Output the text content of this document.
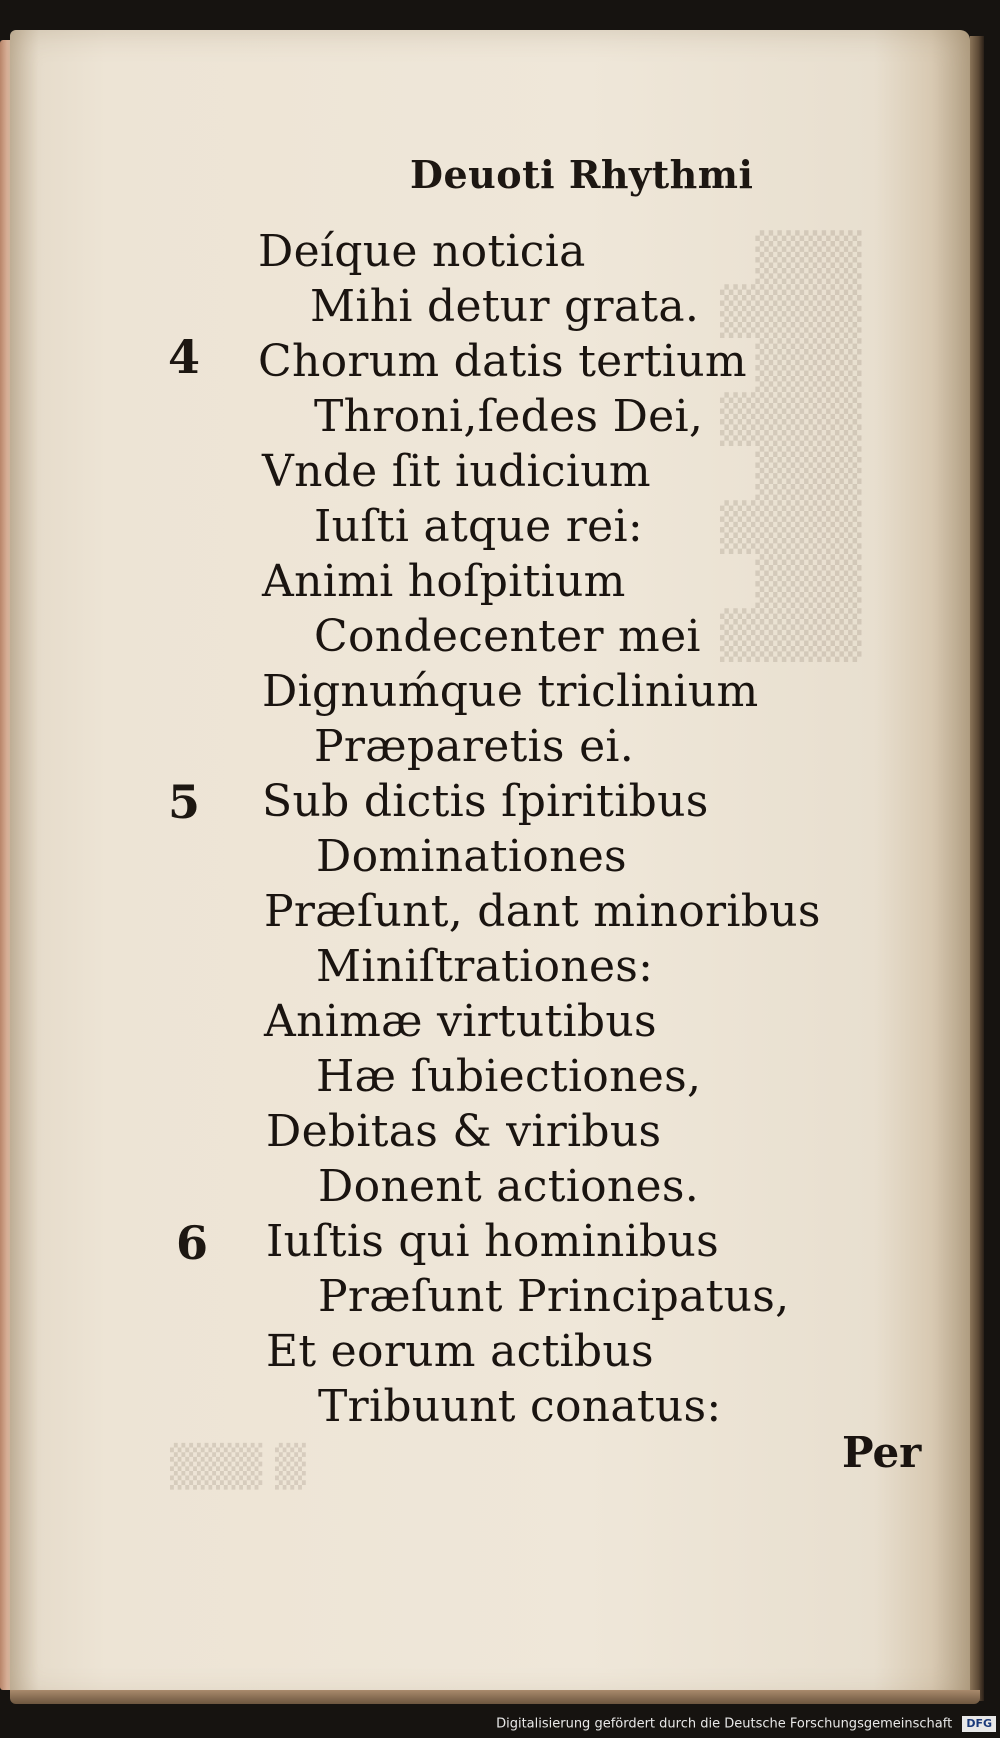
▒▒▒
▒▒▒▒
▒▒▒
▒▒▒▒
▒▒▒
▒▒▒▒
▒▒▒
▒▒▒▒
▒ ▒▒▒
Deuoti Rhythmi
4
5
6
Deíque noticia
Mihi detur grata.
Chorum datis tertium
Throni,ſedes Dei,
Vnde ſit iudicium
Iuſti atque rei:
Animi hoſpitium
Condecenter mei
Dignuḿque triclinium
Præparetis ei.
Sub dictis ſpiritibus
Dominationes
Præſunt, dant minoribus
Miniſtrationes:
Animæ virtutibus
Hæ ſubiectiones,
Debitas & viribus
Donent actiones.
Iuſtis qui hominibus
Præſunt Principatus,
Et eorum actibus
Tribuunt conatus:
Per
Digitalisierung gefördert durch die Deutsche Forschungsgemeinschaft DFG
